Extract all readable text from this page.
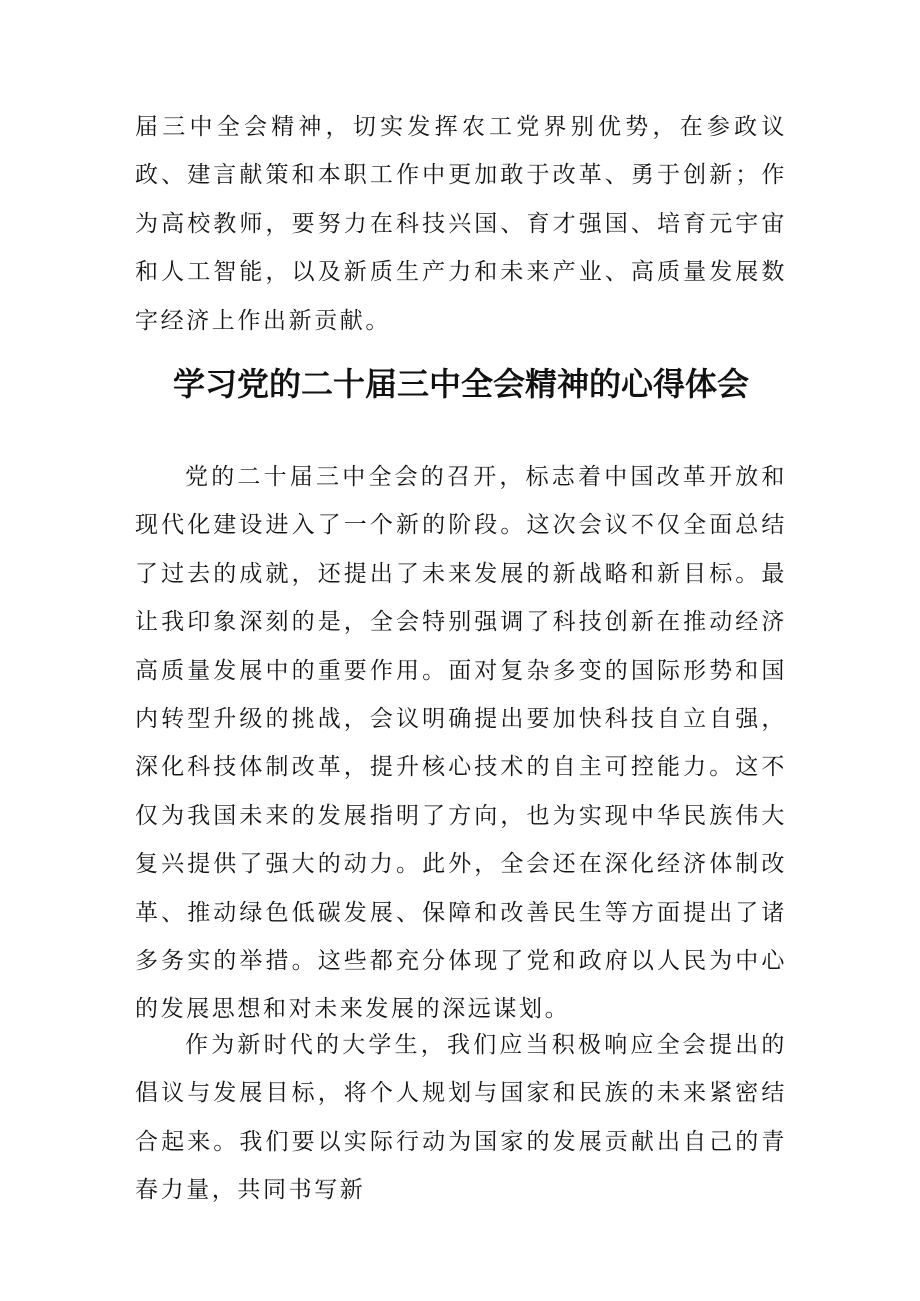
届三中全会精神，切实发挥农工党界别优势，在参政议政、建言献策和本职工作中更加敢于改革、勇于创新；作为高校教师，要努力在科技兴国、育才强国、培育元宇宙和人工智能，以及新质生产力和未来产业、高质量发展数字经济上作出新贡献。

学习党的二十届三中全会精神的心得体会

党的二十届三中全会的召开，标志着中国改革开放和现代化建设进入了一个新的阶段。这次会议不仅全面总结了过去的成就，还提出了未来发展的新战略和新目标。最让我印象深刻的是，全会特别强调了科技创新在推动经济高质量发展中的重要作用。面对复杂多变的国际形势和国内转型升级的挑战，会议明确提出要加快科技自立自强，深化科技体制改革，提升核心技术的自主可控能力。这不仅为我国未来的发展指明了方向，也为实现中华民族伟大复兴提供了强大的动力。此外，全会还在深化经济体制改革、推动绿色低碳发展、保障和改善民生等方面提出了诸多务实的举措。这些都充分体现了党和政府以人民为中心的发展思想和对未来发展的深远谋划。

作为新时代的大学生，我们应当积极响应全会提出的倡议与发展目标，将个人规划与国家和民族的未来紧密结合起来。我们要以实际行动为国家的发展贡献出自己的青春力量，共同书写新
